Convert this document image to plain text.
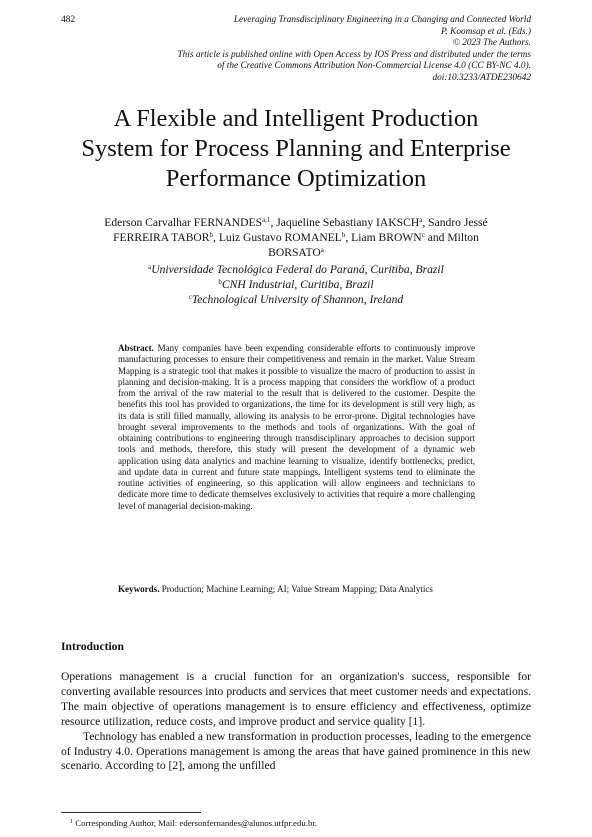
482	Leveraging Transdisciplinary Engineering in a Changing and Connected World
P. Koomsap et al. (Eds.)
© 2023 The Authors.
This article is published online with Open Access by IOS Press and distributed under the terms
of the Creative Commons Attribution Non-Commercial License 4.0 (CC BY-NC 4.0).
doi:10.3233/ATDE230642
A Flexible and Intelligent Production
System for Process Planning and Enterprise
Performance Optimization
Ederson Carvalhar FERNANDES$^{a,1}$, Jaqueline Sebastiany IAKSCH$^a$, Sandro Jessé
FERREIRA TABOR$^b$, Luiz Gustavo ROMANEL$^b$, Liam BROWN$^c$ and Milton
BORSATO$^a$
$^a$Universidade Tecnológica Federal do Paraná, Curitiba, Brazil
$^b$CNH Industrial, Curitiba, Brazil
$^c$Technological University of Shannon, Ireland

Abstract. Many companies have been expending considerable efforts to continuously improve manufacturing processes to ensure their competitiveness and remain in the market. Value Stream Mapping is a strategic tool that makes it possible to visualize the macro of production to assist in planning and decision-making. It is a process mapping that considers the workflow of a product from the arrival of the raw material to the result that is delivered to the customer. Despite the benefits this tool has provided to organizations, the time for its development is still very high, as its data is still filled manually, allowing its analysis to be error-prone. Digital technologies have brought several improvements to the methods and tools of organizations. With the goal of obtaining contributions to engineering through transdisciplinary approaches to decision support tools and methods, therefore, this study will present the development of a dynamic web application using data analytics and machine learning to visualize, identify bottlenecks, predict, and update data in current and future state mappings. Intelligent systems tend to eliminate the routine activities of engineering, so this application will allow engineers and technicians to dedicate more time to dedicate themselves exclusively to activities that require a more challenging level of managerial decision-making.

Keywords. Production; Machine Learning; AI; Value Stream Mapping; Data Analytics

Introduction

Operations management is a crucial function for an organization's success, responsible for converting available resources into products and services that meet customer needs and expectations. The main objective of operations management is to ensure efficiency and effectiveness, optimize resource utilization, reduce costs, and improve product and service quality [1].

Technology has enabled a new transformation in production processes, leading to the emergence of Industry 4.0. Operations management is among the areas that have gained prominence in this new scenario. According to [2], among the unfilled

$^1$ Corresponding Author, Mail: edersonfernandes@alunos.utfpr.edu.br.
